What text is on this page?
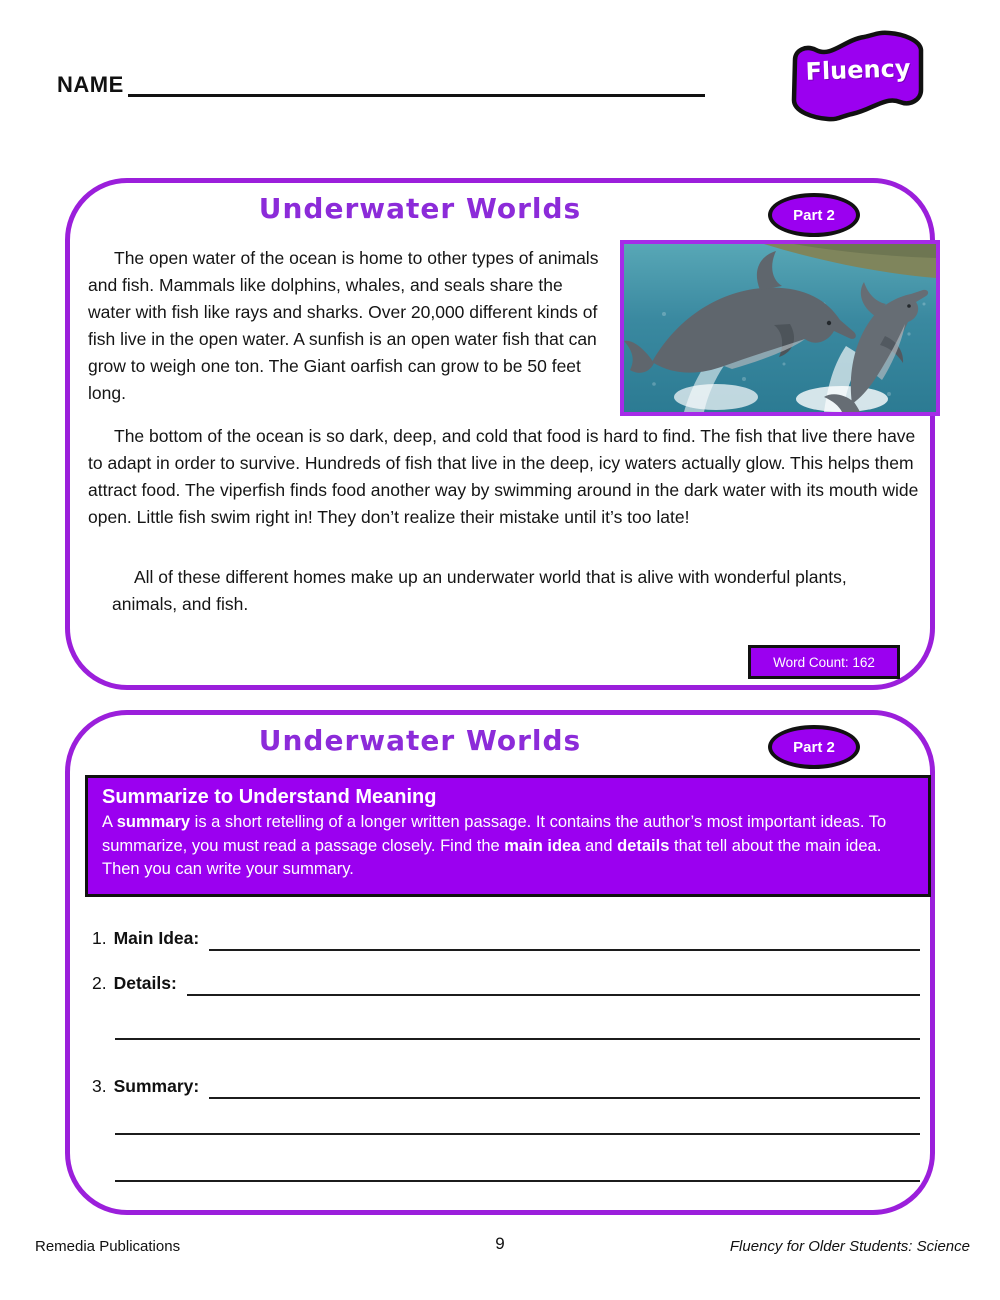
NAME	Fluency
Underwater Worlds	Part 2

The open water of the ocean is home to other types of animals and fish. Mammals like dolphins, whales, and seals share the water with fish like rays and sharks. Over 20,000 different kinds of fish live in the open water. A sunfish is an open water fish that can grow to weigh one ton. The Giant oarfish can grow to be 50 feet long.

The bottom of the ocean is so dark, deep, and cold that food is hard to find. The fish that live there have to adapt in order to survive. Hundreds of fish that live in the deep, icy waters actually glow. This helps them attract food. The viperfish finds food another way by swimming around in the dark water with its mouth wide open. Little fish swim right in! They don’t realize their mistake until it’s too late!

All of these different homes make up an underwater world that is alive with wonderful plants, animals, and fish.

Word Count: 162
Underwater Worlds	Part 2
Summarize to Understand Meaning
A summary is a short retelling of a longer written passage. It contains the author’s most important ideas. To summarize, you must read a passage closely. Find the main idea and details that tell about the main idea. Then you can write your summary.
1. Main Idea:
2. Details:
3. Summary:
Remedia Publications	9	Fluency for Older Students: Science
